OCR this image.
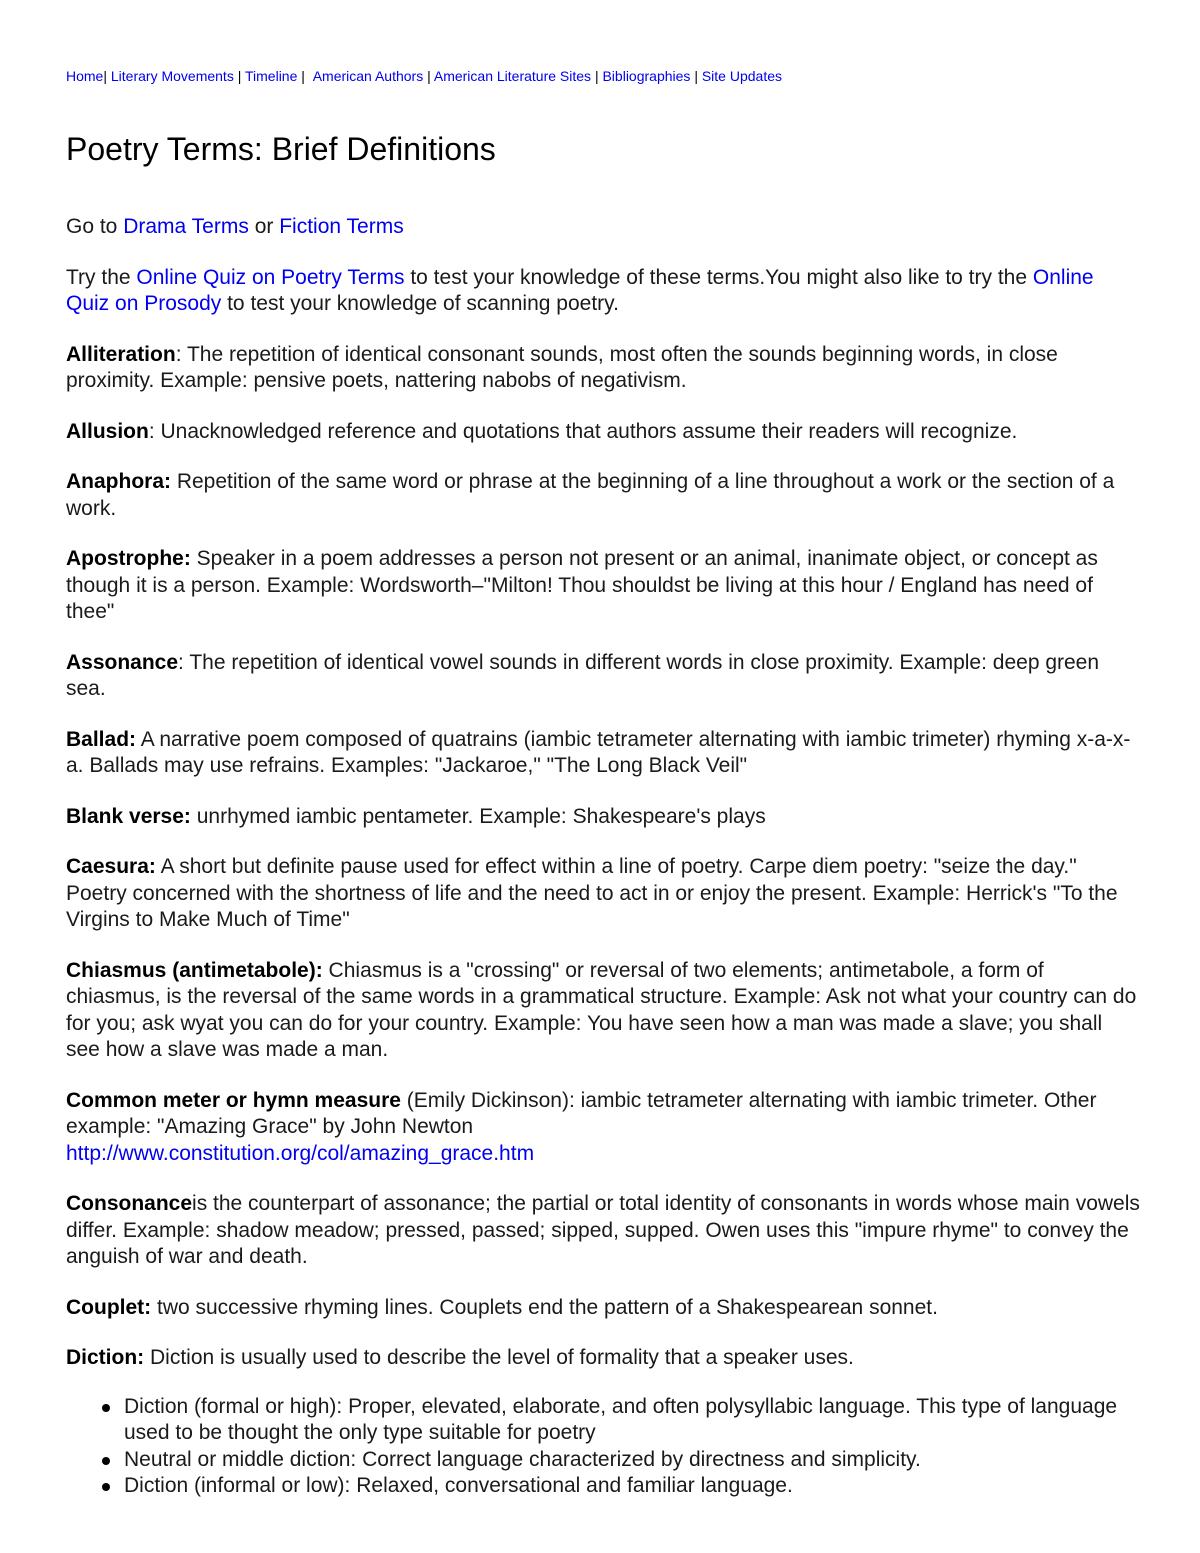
Home| Literary Movements | Timeline | American Authors | American Literature Sites | Bibliographies | Site Updates
Poetry Terms: Brief Definitions

Go to Drama Terms or Fiction Terms

Try the Online Quiz on Poetry Terms to test your knowledge of these terms.You might also like to try the Online Quiz on Prosody to test your knowledge of scanning poetry.

Alliteration: The repetition of identical consonant sounds, most often the sounds beginning words, in close proximity. Example: pensive poets, nattering nabobs of negativism.

Allusion: Unacknowledged reference and quotations that authors assume their readers will recognize.

Anaphora: Repetition of the same word or phrase at the beginning of a line throughout a work or the section of a work.

Apostrophe: Speaker in a poem addresses a person not present or an animal, inanimate object, or concept as though it is a person. Example: Wordsworth–"Milton! Thou shouldst be living at this hour / England has need of thee"

Assonance: The repetition of identical vowel sounds in different words in close proximity. Example: deep green sea.

Ballad: A narrative poem composed of quatrains (iambic tetrameter alternating with iambic trimeter) rhyming x-a-x-a. Ballads may use refrains. Examples: "Jackaroe," "The Long Black Veil"

Blank verse: unrhymed iambic pentameter. Example: Shakespeare's plays

Caesura: A short but definite pause used for effect within a line of poetry. Carpe diem poetry: "seize the day." Poetry concerned with the shortness of life and the need to act in or enjoy the present. Example: Herrick's "To the Virgins to Make Much of Time"

Chiasmus (antimetabole): Chiasmus is a "crossing" or reversal of two elements; antimetabole, a form of chiasmus, is the reversal of the same words in a grammatical structure. Example: Ask not what your country can do for you; ask wyat you can do for your country. Example: You have seen how a man was made a slave; you shall see how a slave was made a man.

Common meter or hymn measure (Emily Dickinson): iambic tetrameter alternating with iambic trimeter. Other example: "Amazing Grace" by John Newton
http://www.constitution.org/col/amazing_grace.htm

Consonanceis the counterpart of assonance; the partial or total identity of consonants in words whose main vowels differ. Example: shadow meadow; pressed, passed; sipped, supped. Owen uses this "impure rhyme" to convey the anguish of war and death.

Couplet: two successive rhyming lines. Couplets end the pattern of a Shakespearean sonnet.

Diction: Diction is usually used to describe the level of formality that a speaker uses.

Diction (formal or high): Proper, elevated, elaborate, and often polysyllabic language. This type of language used to be thought the only type suitable for poetry
Neutral or middle diction: Correct language characterized by directness and simplicity.
Diction (informal or low): Relaxed, conversational and familiar language.
